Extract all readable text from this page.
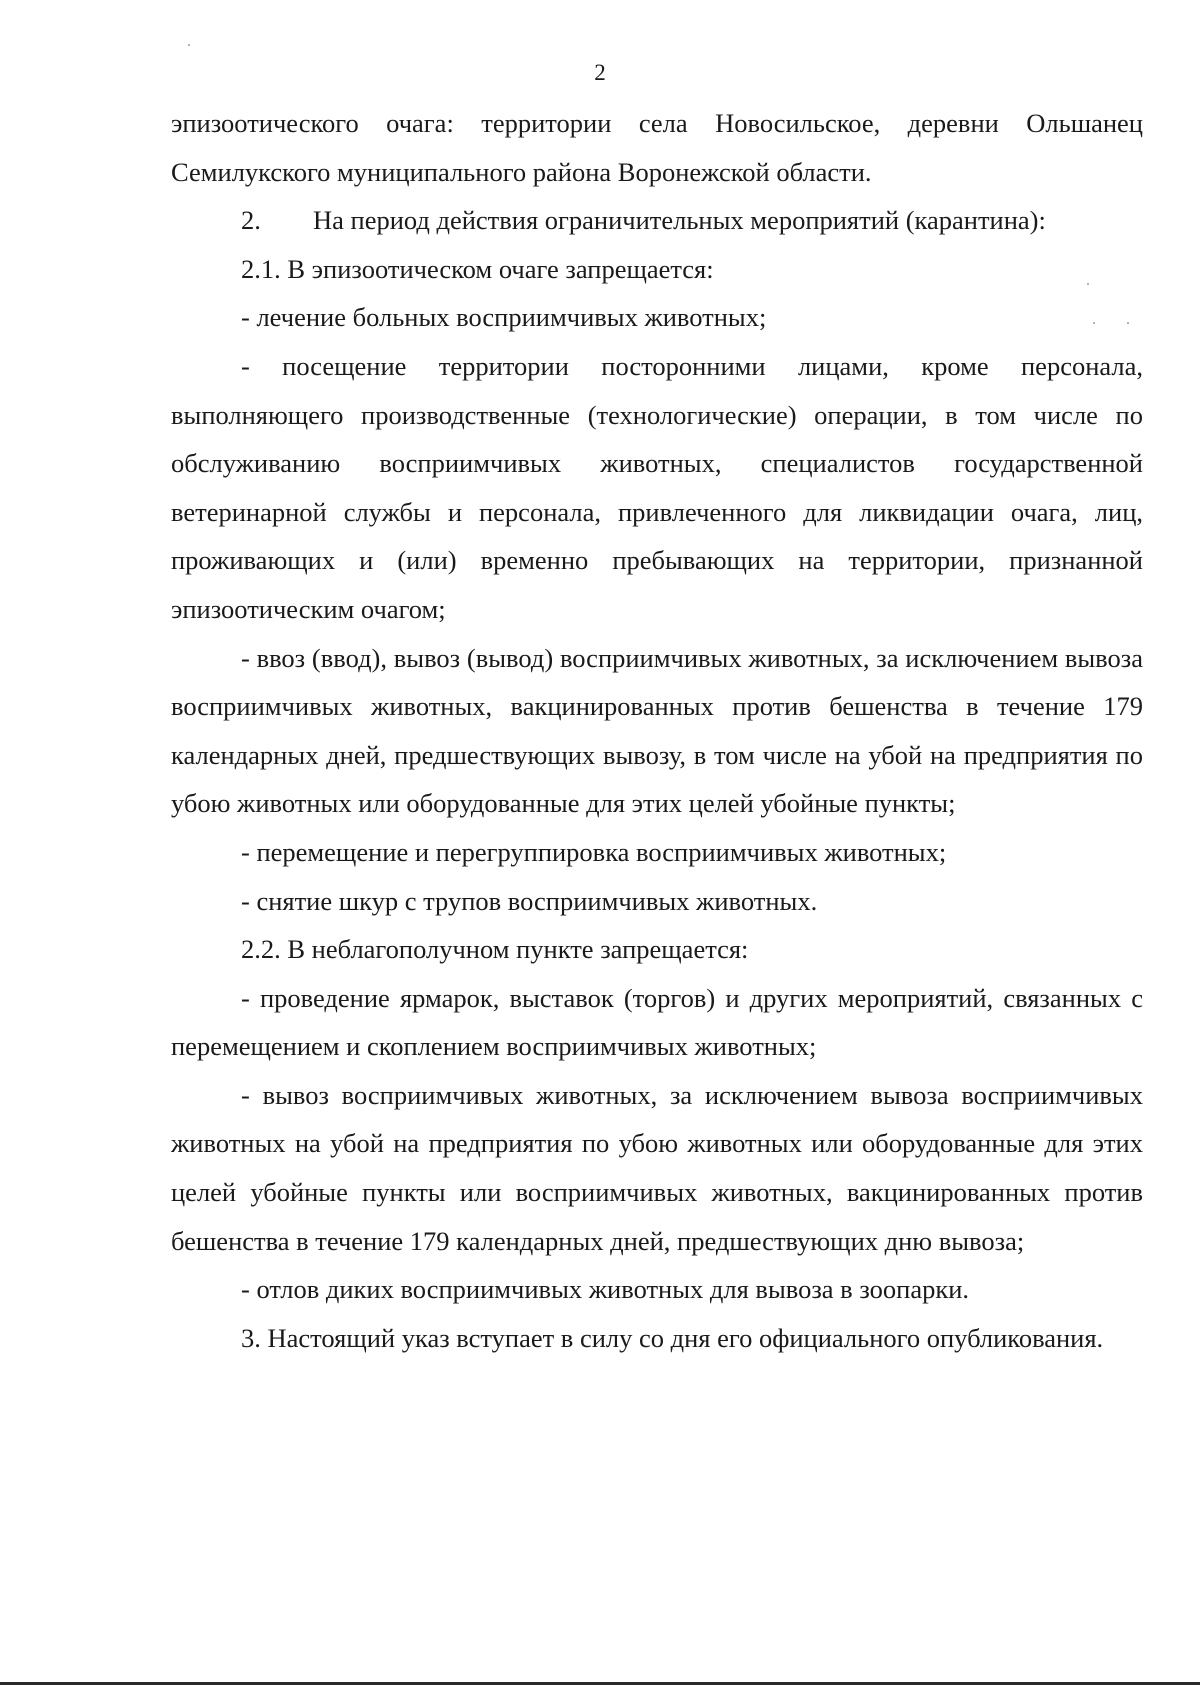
2

эпизоотического очага: территории села Новосильское, деревни Ольшанец Семилукского муниципального района Воронежской области.

2. На период действия ограничительных мероприятий (карантина):

2.1. В эпизоотическом очаге запрещается:

- лечение больных восприимчивых животных;

- посещение территории посторонними лицами, кроме персонала, выполняющего производственные (технологические) операции, в том числе по обслуживанию восприимчивых животных, специалистов государственной ветеринарной службы и персонала, привлеченного для ликвидации очага, лиц, проживающих и (или) временно пребывающих на территории, признанной эпизоотическим очагом;

- ввоз (ввод), вывоз (вывод) восприимчивых животных, за исключением вывоза восприимчивых животных, вакцинированных против бешенства в течение 179 календарных дней, предшествующих вывозу, в том числе на убой на предприятия по убою животных или оборудованные для этих целей убойные пункты;

- перемещение и перегруппировка восприимчивых животных;

- снятие шкур с трупов восприимчивых животных.

2.2. В неблагополучном пункте запрещается:

- проведение ярмарок, выставок (торгов) и других мероприятий, связанных с перемещением и скоплением восприимчивых животных;

- вывоз восприимчивых животных, за исключением вывоза восприимчивых животных на убой на предприятия по убою животных или оборудованные для этих целей убойные пункты или восприимчивых животных, вакцинированных против бешенства в течение 179 календарных дней, предшествующих дню вывоза;

- отлов диких восприимчивых животных для вывоза в зоопарки.

3. Настоящий указ вступает в силу со дня его официального опубликования.
